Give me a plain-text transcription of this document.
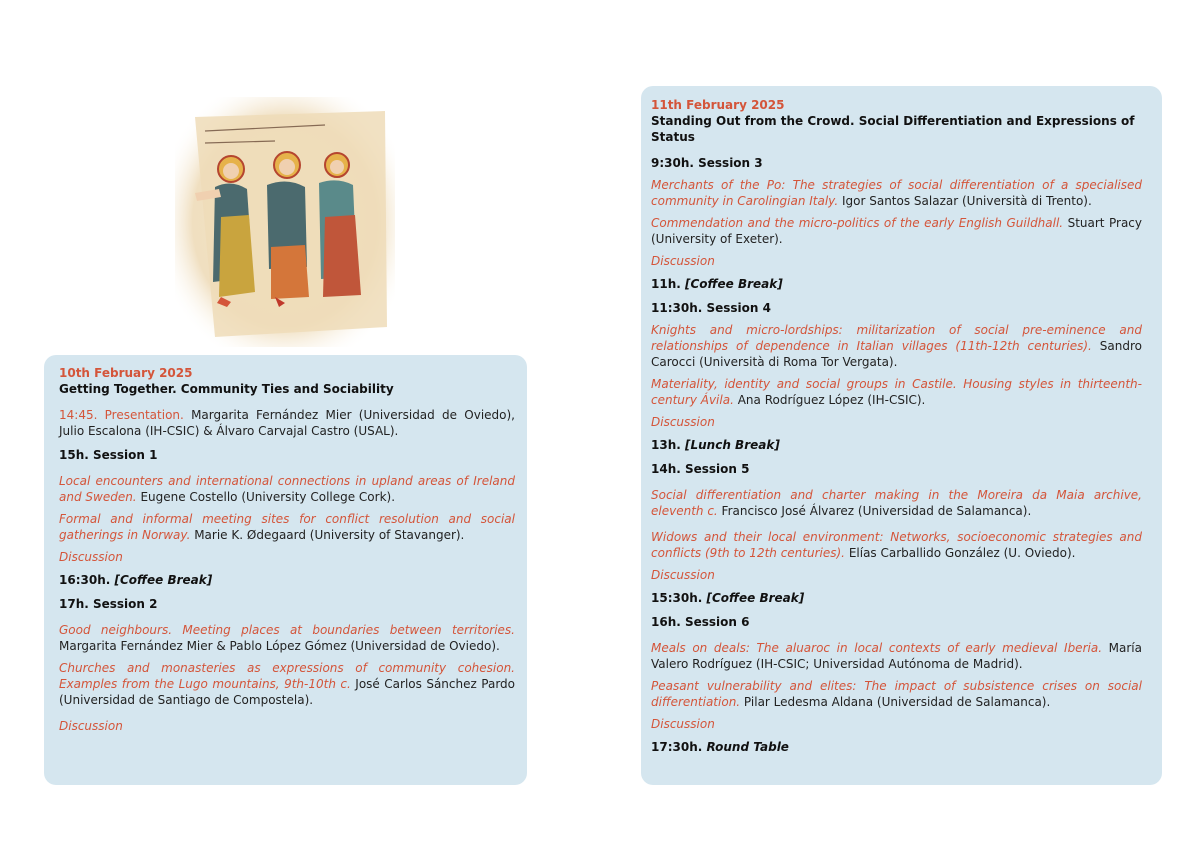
10th February 2025
Getting Together. Community Ties and Sociability
14:45. Presentation. Margarita Fernández Mier (Universidad de Oviedo), Julio Escalona (IH-CSIC) & Álvaro Carvajal Castro (USAL).
15h. Session 1
Local encounters and international connections in upland areas of Ireland and Sweden. Eugene Costello (University College Cork).
Formal and informal meeting sites for conflict resolution and social gatherings in Norway. Marie K. Ødegaard (University of Stavanger).
Discussion
16:30h. [Coffee Break]
17h. Session 2
Good neighbours. Meeting places at boundaries between territories. Margarita Fernández Mier & Pablo López Gómez (Universidad de Oviedo).
Churches and monasteries as expressions of community cohesion. Examples from the Lugo mountains, 9th-10th c. José Carlos Sánchez Pardo (Universidad de Santiago de Compostela).
Discussion
11th February 2025
Standing Out from the Crowd. Social Differentiation and Expressions of Status
9:30h. Session 3
Merchants of the Po: The strategies of social differentiation of a specialised community in Carolingian Italy. Igor Santos Salazar (Università di Trento).
Commendation and the micro-politics of the early English Guildhall. Stuart Pracy (University of Exeter).
Discussion
11h. [Coffee Break]
11:30h. Session 4
Knights and micro-lordships: militarization of social pre-eminence and relationships of dependence in Italian villages (11th-12th centuries). Sandro Carocci (Università di Roma Tor Vergata).
Materiality, identity and social groups in Castile. Housing styles in thirteenth-century Ávila. Ana Rodríguez López (IH-CSIC).
Discussion
13h. [Lunch Break]
14h. Session 5
Social differentiation and charter making in the Moreira da Maia archive, eleventh c. Francisco José Álvarez (Universidad de Salamanca).
Widows and their local environment: Networks, socioeconomic strategies and conflicts (9th to 12th centuries). Elías Carballido González (U. Oviedo).
Discussion
15:30h. [Coffee Break]
16h. Session 6
Meals on deals: The aluaroc in local contexts of early medieval Iberia. María Valero Rodríguez (IH-CSIC; Universidad Autónoma de Madrid).
Peasant vulnerability and elites: The impact of subsistence crises on social differentiation. Pilar Ledesma Aldana (Universidad de Salamanca).
Discussion
17:30h. Round Table
